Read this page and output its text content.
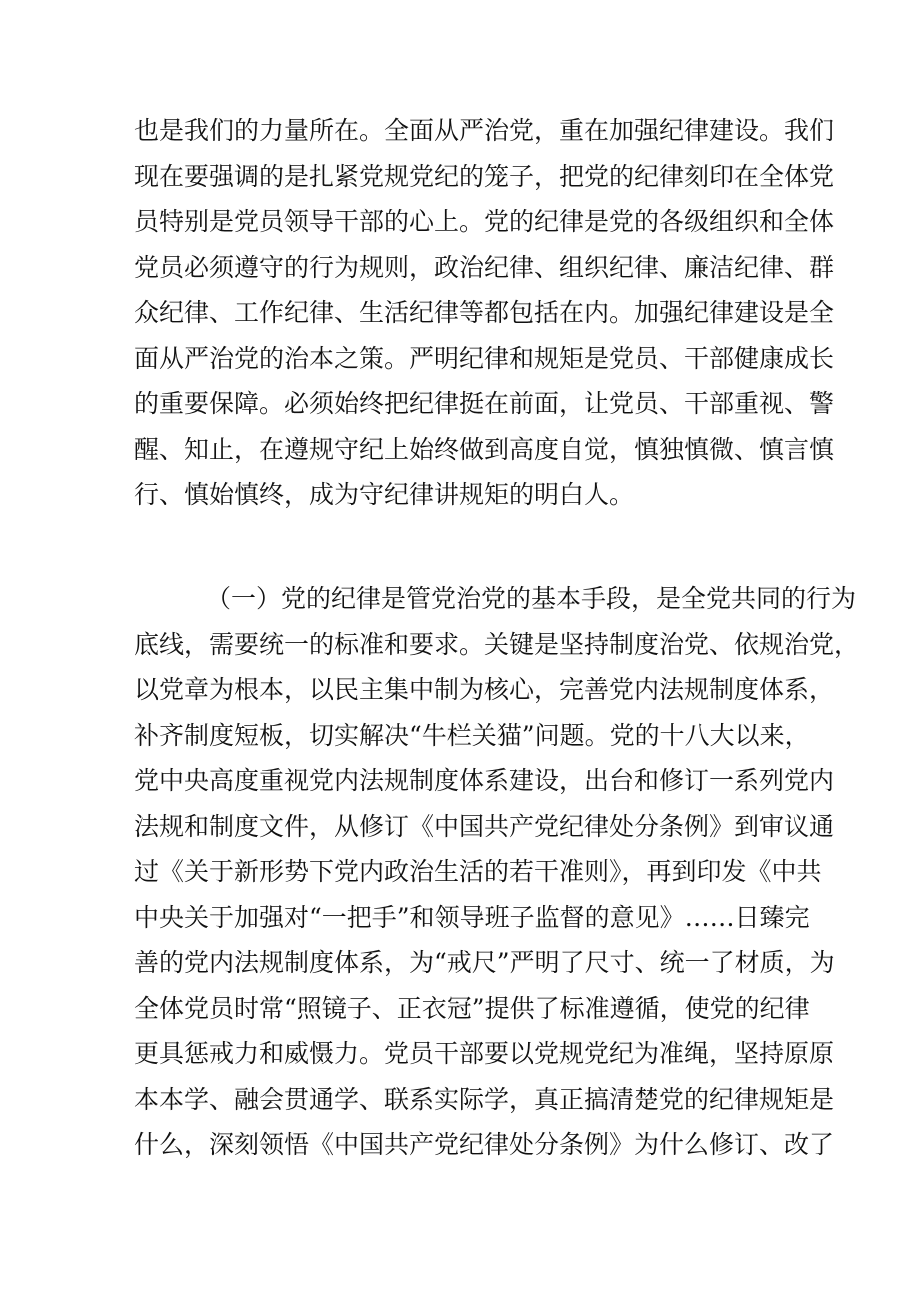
也是我们的力量所在。全面从严治党，重在加强纪律建设。我们
现在要强调的是扎紧党规党纪的笼子，把党的纪律刻印在全体党
员特别是党员领导干部的心上。党的纪律是党的各级组织和全体
党员必须遵守的行为规则，政治纪律、组织纪律、廉洁纪律、群
众纪律、工作纪律、生活纪律等都包括在内。加强纪律建设是全
面从严治党的治本之策。严明纪律和规矩是党员、干部健康成长
的重要保障。必须始终把纪律挺在前面，让党员、干部重视、警
醒、知止，在遵规守纪上始终做到高度自觉，慎独慎微、慎言慎
行、慎始慎终，成为守纪律讲规矩的明白人。
（一）党的纪律是管党治党的基本手段，是全党共同的行为
底线，需要统一的标准和要求。关键是坚持制度治党、依规治党，
以党章为根本，以民主集中制为核心，完善党内法规制度体系，
补齐制度短板，切实解决“牛栏关猫”问题。党的十八大以来，
党中央高度重视党内法规制度体系建设，出台和修订一系列党内
法规和制度文件，从修订《中国共产党纪律处分条例》到审议通
过《关于新形势下党内政治生活的若干准则》，再到印发《中共
中央关于加强对“一把手”和领导班子监督的意见》……日臻完
善的党内法规制度体系，为“戒尺”严明了尺寸、统一了材质，为
全体党员时常“照镜子、正衣冠”提供了标准遵循，使党的纪律
更具惩戒力和威慑力。党员干部要以党规党纪为准绳，坚持原原
本本学、融会贯通学、联系实际学，真正搞清楚党的纪律规矩是
什么，深刻领悟《中国共产党纪律处分条例》为什么修订、改了
